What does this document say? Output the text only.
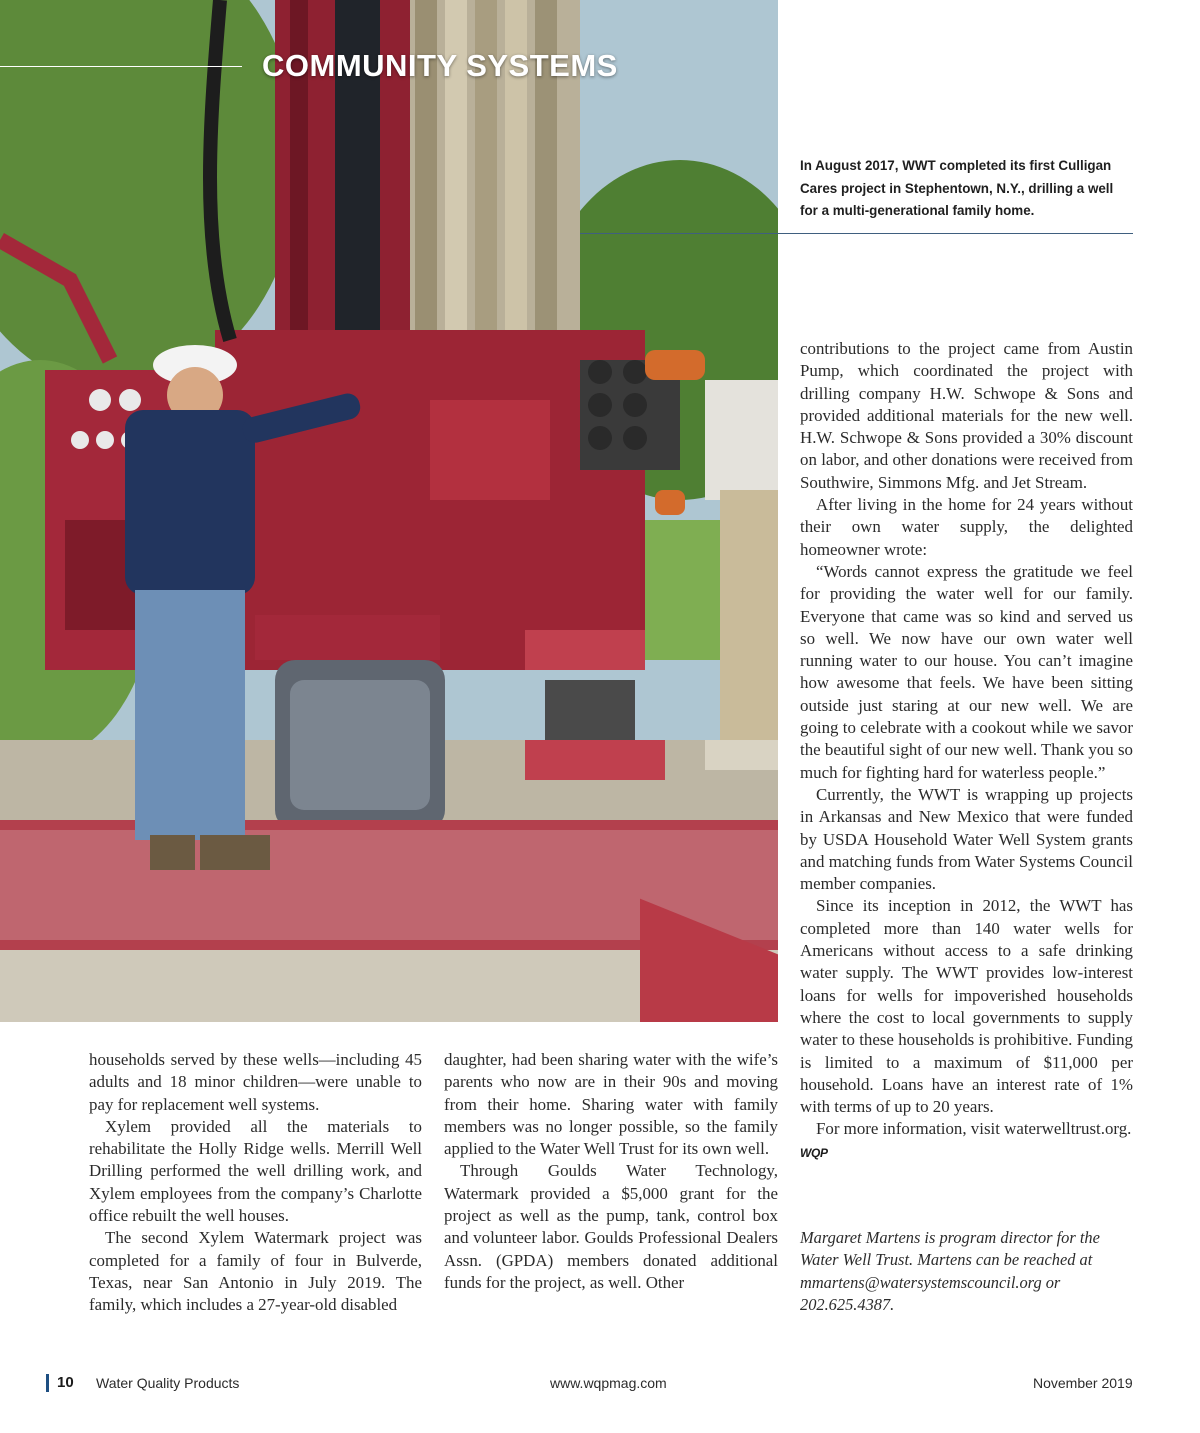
COMMUNITY SYSTEMS

In August 2017, WWT completed its first Culligan Cares project in Stephentown, N.Y., drilling a well for a multi-generational family home.

households served by these wells—including 45 adults and 18 minor children—were unable to pay for replacement well systems.

Xylem provided all the materials to rehabilitate the Holly Ridge wells. Merrill Well Drilling performed the well drilling work, and Xylem employees from the company’s Charlotte office rebuilt the well houses.

The second Xylem Watermark project was completed for a family of four in Bulverde, Texas, near San Antonio in July 2019. The family, which includes a 27-year-old disabled

daughter, had been sharing water with the wife’s parents who now are in their 90s and moving from their home. Sharing water with family members was no longer possible, so the family applied to the Water Well Trust for its own well.

Through Goulds Water Technology, Watermark provided a $5,000 grant for the project as well as the pump, tank, control box and volunteer labor. Goulds Professional Dealers Assn. (GPDA) members donated additional funds for the project, as well. Other

contributions to the project came from Austin Pump, which coordinated the project with drilling company H.W. Schwope & Sons and provided additional materials for the new well. H.W. Schwope & Sons provided a 30% discount on labor, and other donations were received from Southwire, Simmons Mfg. and Jet Stream.

After living in the home for 24 years without their own water supply, the delighted homeowner wrote:

“Words cannot express the gratitude we feel for providing the water well for our family. Everyone that came was so kind and served us so well. We now have our own water well running water to our house. You can’t imagine how awesome that feels. We have been sitting outside just staring at our new well. We are going to celebrate with a cookout while we savor the beautiful sight of our new well. Thank you so much for fighting hard for waterless people.”

Currently, the WWT is wrapping up projects in Arkansas and New Mexico that were funded by USDA Household Water Well System grants and matching funds from Water Systems Council member companies.

Since its inception in 2012, the WWT has completed more than 140 water wells for Americans without access to a safe drinking water supply. The WWT provides low-interest loans for wells for impoverished households where the cost to local governments to supply water to these households is prohibitive. Funding is limited to a maximum of $11,000 per household. Loans have an interest rate of 1% with terms of up to 20 years.

For more information, visit waterwelltrust.org. WQP

Margaret Martens is program director for the Water Well Trust. Martens can be reached at mmartens@watersystemscouncil.org or 202.625.4387.

10 Water Quality Products	www.wqpmag.com	November 2019
